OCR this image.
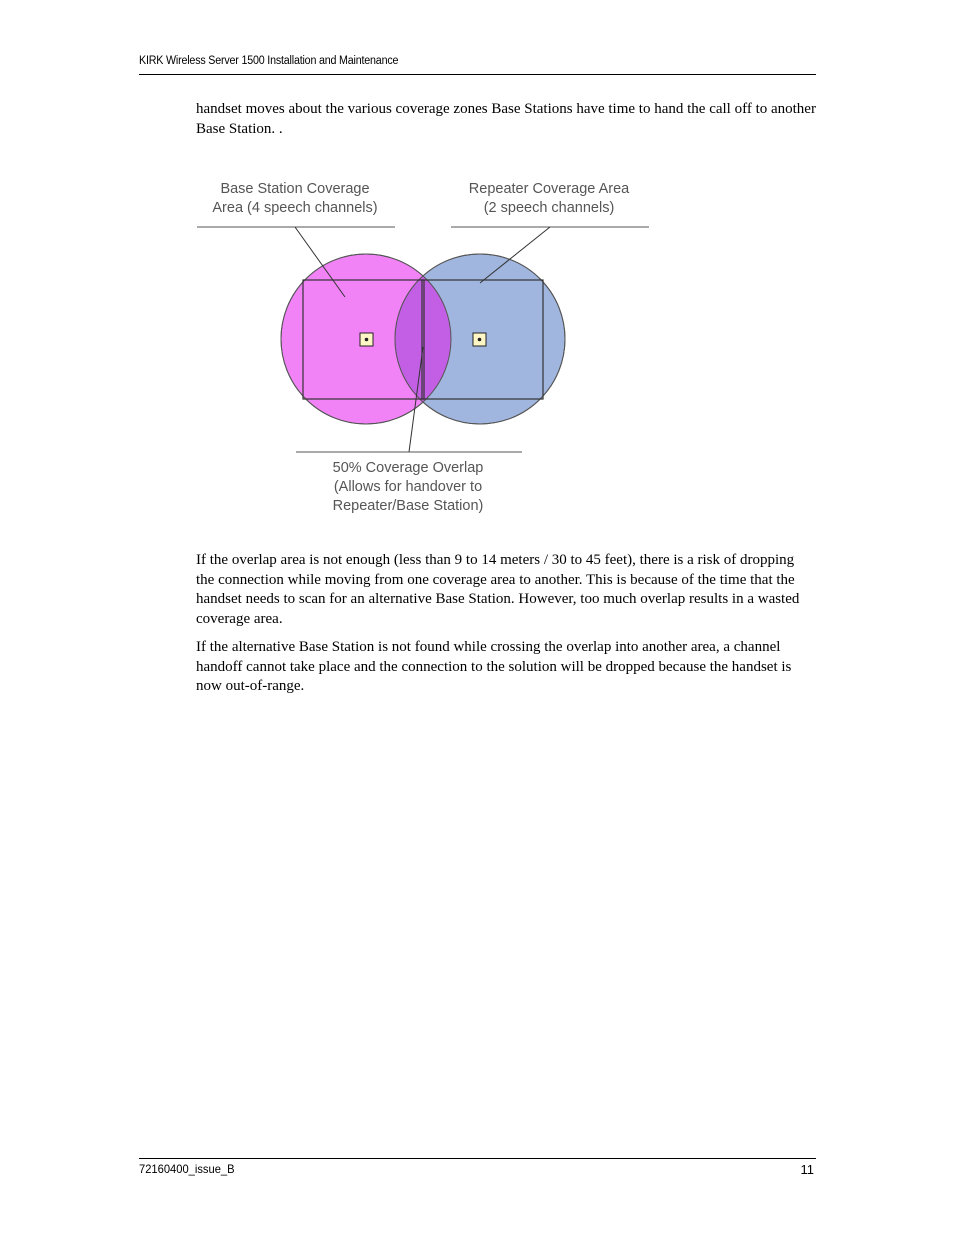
KIRK Wireless Server 1500 Installation and Maintenance

handset moves about the various coverage zones Base Stations have time to hand the call off to another Base Station. .

Base Station Coverage
Area (4 speech channels)
Repeater Coverage Area
(2 speech channels)
50% Coverage Overlap
(Allows for handover to
Repeater/Base Station)

If the overlap area is not enough (less than 9 to 14 meters / 30 to 45 feet), there is a risk of dropping the connection while moving from one coverage area to another. This is because of the time that the handset needs to scan for an alternative Base Station. However, too much overlap results in a wasted coverage area.

If the alternative Base Station is not found while crossing the overlap into another area, a channel handoff cannot take place and the connection to the solution will be dropped because the handset is now out-of-range.

72160400_issue_B	11
